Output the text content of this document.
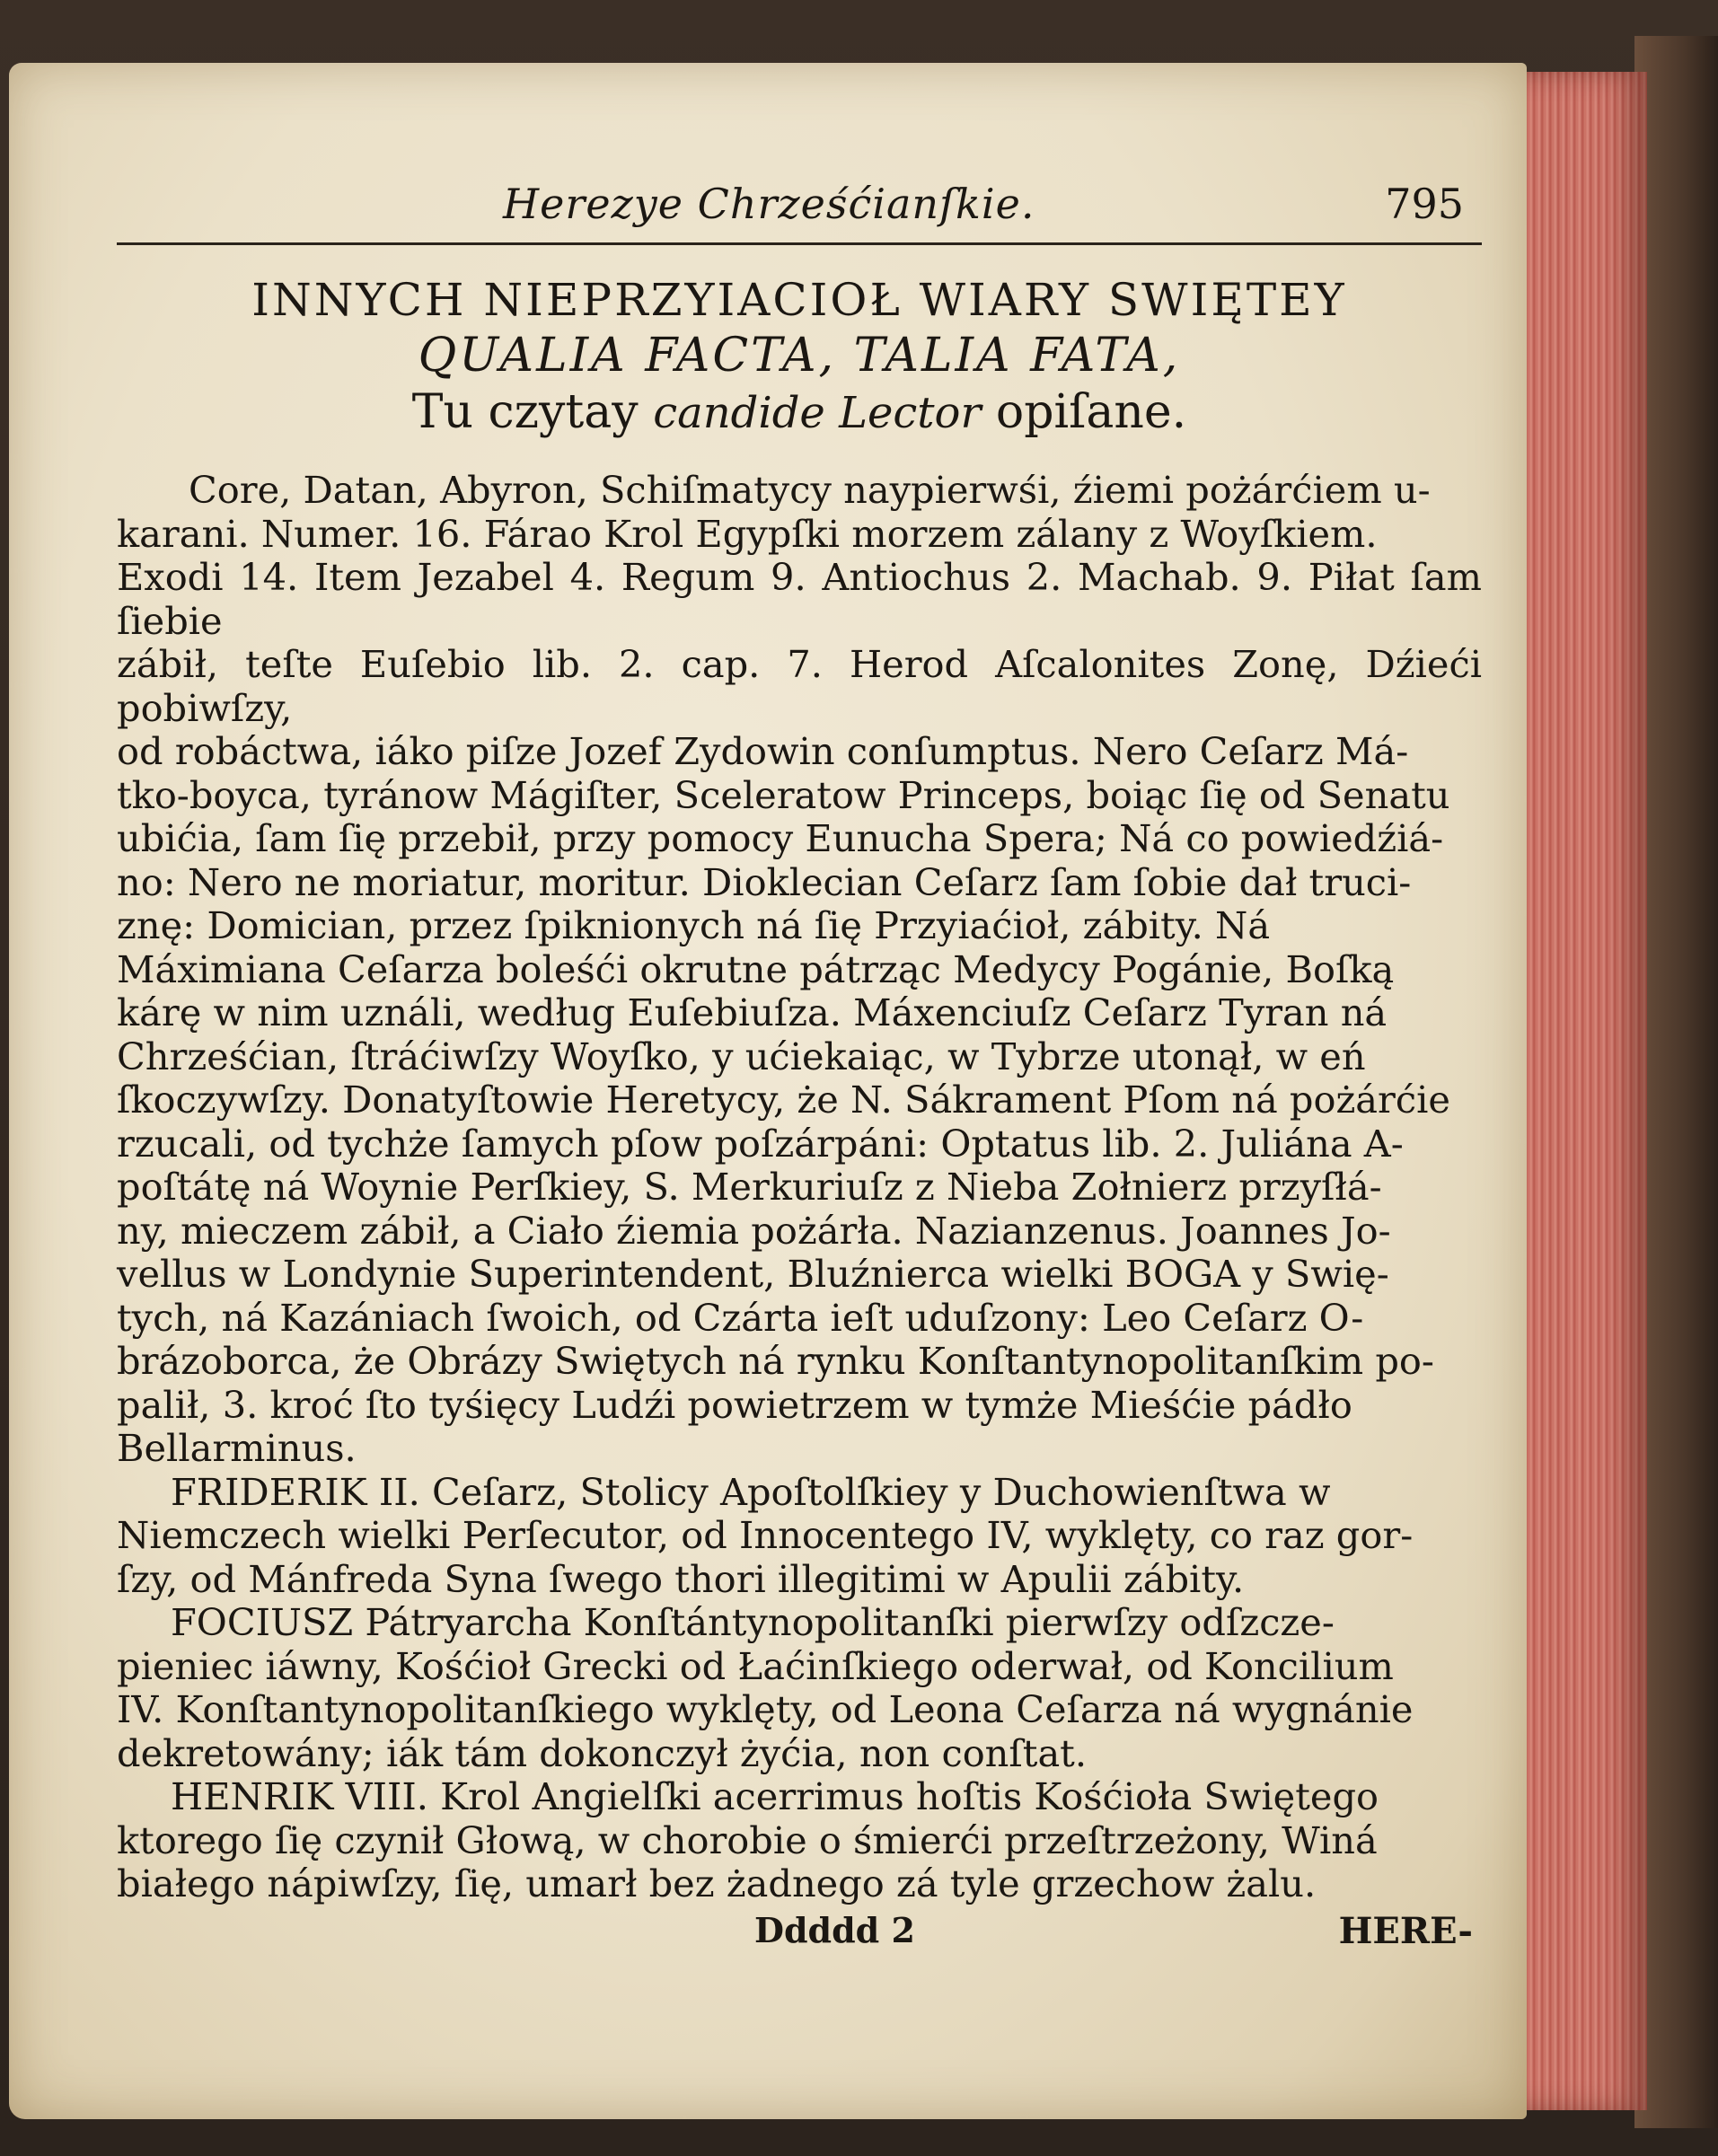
Herezye Chrześćianſkie.	795
INNYCH NIEPRZYIACIOŁ WIARY SWIĘTEY
QUALIA FACTA, TALIA FATA,
Tu czytay candide Lector opiſane.

Core, Datan, Abyron, Schiſmatycy naypierwśi, źiemi pożárćiem u-
karani. Numer. 16. Fárao Krol Egypſki morzem zálany z Woyſkiem.
Exodi 14. Item Jezabel 4. Regum 9. Antiochus 2. Machab. 9. Piłat ſam ſiebie
zábił, teſte Euſebio lib. 2. cap. 7. Herod Aſcalonites Zonę, Dźieći pobiwſzy,
od robáctwa, iáko piſze Jozef Zydowin conſumptus. Nero Ceſarz Má-
tko-boyca, tyránow Mágiſter, Sceleratow Princeps, boiąc ſię od Senatu
ubićia, ſam ſię przebił, przy pomocy Eunucha Spera; Ná co powiedźiá-
no: Nero ne moriatur, moritur. Dioklecian Ceſarz ſam ſobie dał truci-
znę: Domician, przez ſpiknionych ná ſię Przyiaćioł, zábity. Ná
Máximiana Ceſarza boleśći okrutne pátrząc Medycy Pogánie, Boſką
kárę w nim uználi, według Euſebiuſza. Máxenciuſz Ceſarz Tyran ná
Chrześćian, ſtráćiwſzy Woyſko, y ućiekaiąc, w Tybrze utonął, w eń
ſkoczywſzy. Donatyſtowie Heretycy, że N. Sákrament Pſom ná pożárćie
rzucali, od tychże ſamych pſow poſzárpáni: Optatus lib. 2. Juliána A-
poſtátę ná Woynie Perſkiey, S. Merkuriuſz z Nieba Zołnierz przyſłá-
ny, mieczem zábił, a Ciało źiemia pożárła. Nazianzenus. Joannes Jo-
vellus w Londynie Superintendent, Bluźnierca wielki BOGA y Swię-
tych, ná Kazániach ſwoich, od Czárta ieſt uduſzony: Leo Ceſarz O-
brázoborca, że Obrázy Swiętych ná rynku Konſtantynopolitanſkim po-
palił, 3. kroć ſto tyśięcy Ludźi powietrzem w tymże Mieśćie pádło
Bellarminus.

FRIDERIK II. Ceſarz, Stolicy Apoſtolſkiey y Duchowienſtwa w
Niemczech wielki Perſecutor, od Innocentego IV, wyklęty, co raz gor-
ſzy, od Mánfreda Syna ſwego thori illegitimi w Apulii zábity.

FOCIUSZ Pátryarcha Konſtántynopolitanſki pierwſzy odſzcze-
pieniec iáwny, Kośćioł Grecki od Łaćinſkiego oderwał, od Koncilium
IV. Konſtantynopolitanſkiego wyklęty, od Leona Ceſarza ná wygnánie
dekretowány; iák tám dokonczył żyćia, non conſtat.

HENRIK VIII. Krol Angielſki acerrimus hoſtis Kośćioła Swiętego
ktorego ſię czynił Głową, w chorobie o śmierći przeſtrzeżony, Winá
białego nápiwſzy, ſię, umarł bez żadnego zá tyle grzechow żalu.

Ddddd 2	HERE-
